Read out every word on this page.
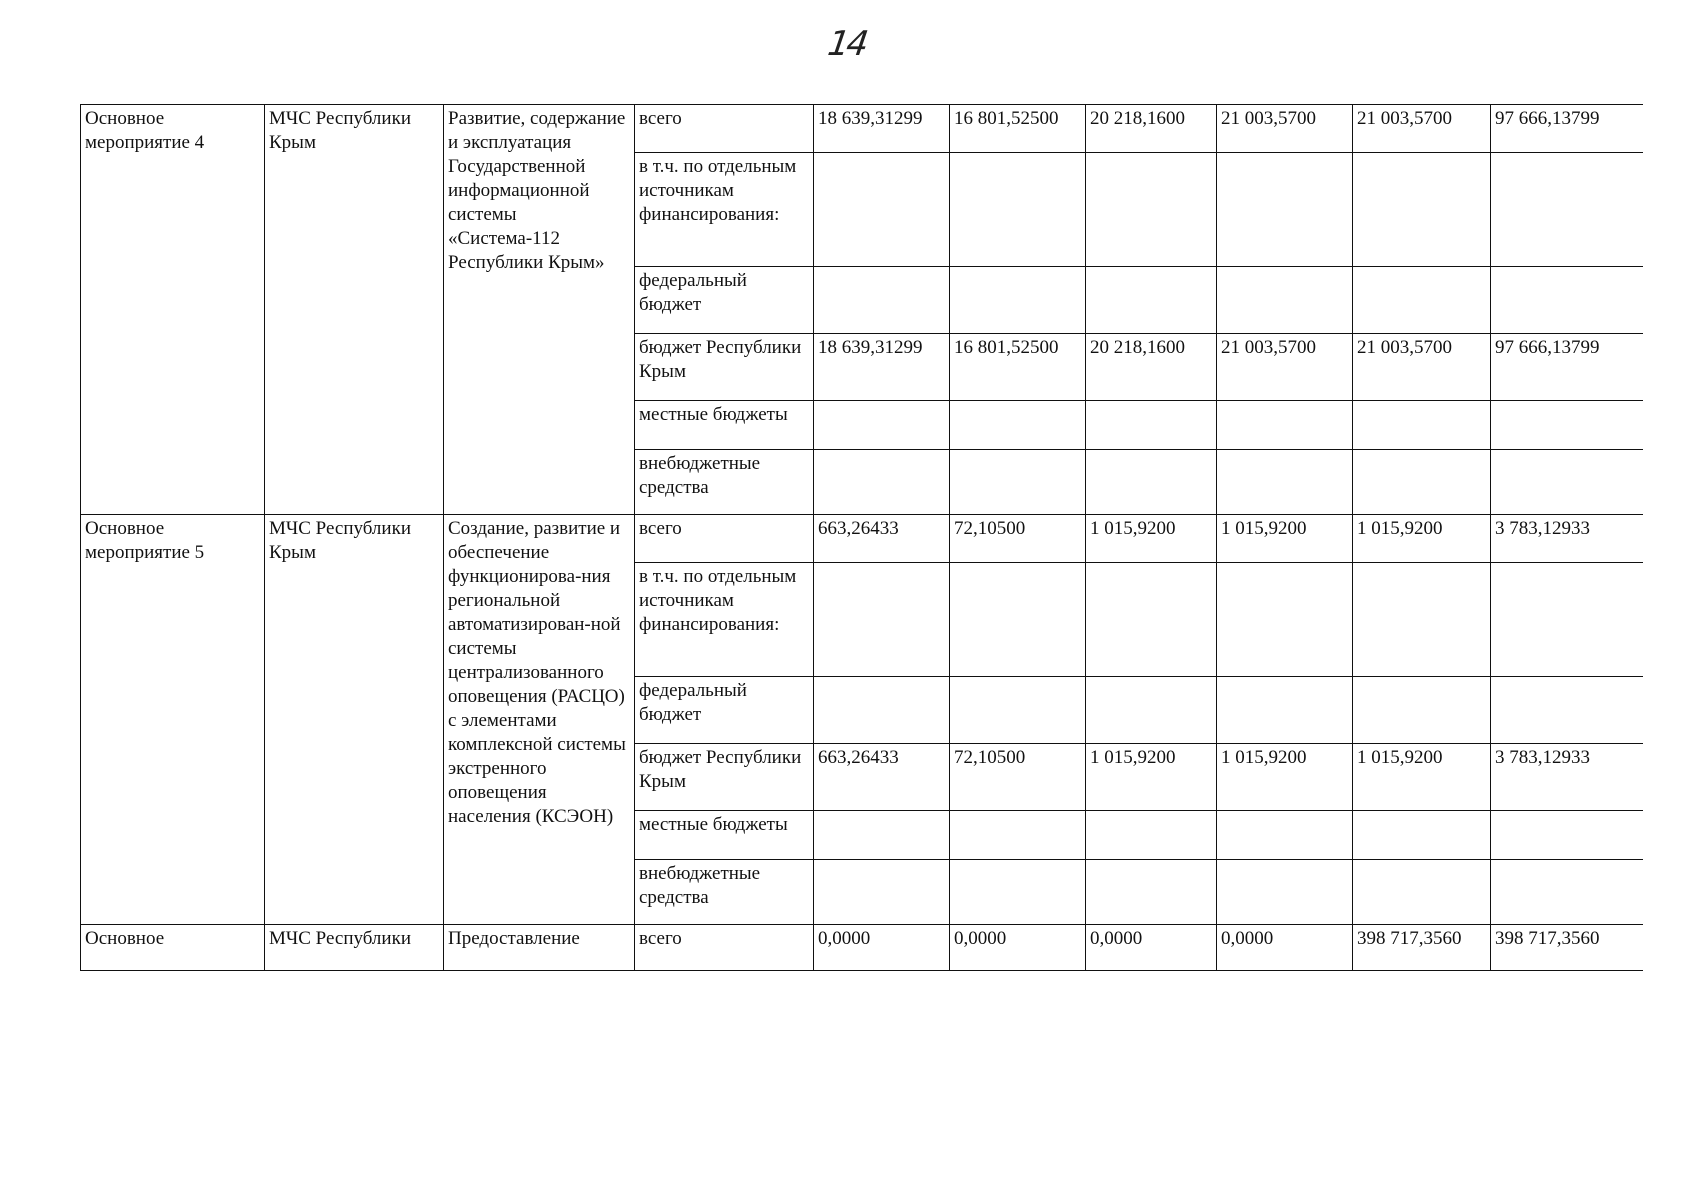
14
Основное мероприятие 4	МЧС Республики Крым	Развитие, содержание и эксплуатация Государственной информационной системы «Система-112 Республики Крым»	всего	18 639,31299	16 801,52500	20 218,1600	21 003,5700	21 003,5700	97 666,13799
			в т.ч. по отдельным источникам финансирования:						
			федеральный бюджет						
			бюджет Республики Крым	18 639,31299	16 801,52500	20 218,1600	21 003,5700	21 003,5700	97 666,13799
			местные бюджеты						
			внебюджетные средства						
Основное мероприятие 5	МЧС Республики Крым	Создание, развитие и обеспечение функционирова-ния региональной автоматизирован-ной системы централизованного оповещения (РАСЦО) с элементами комплексной системы экстренного оповещения населения (КСЭОН)	всего	663,26433	72,10500	1 015,9200	1 015,9200	1 015,9200	3 783,12933
			в т.ч. по отдельным источникам финансирования:						
			федеральный бюджет						
			бюджет Республики Крым	663,26433	72,10500	1 015,9200	1 015,9200	1 015,9200	3 783,12933
			местные бюджеты						
			внебюджетные средства						
Основное	МЧС Республики	Предоставление	всего	0,0000	0,0000	0,0000	0,0000	398 717,3560	398 717,3560
